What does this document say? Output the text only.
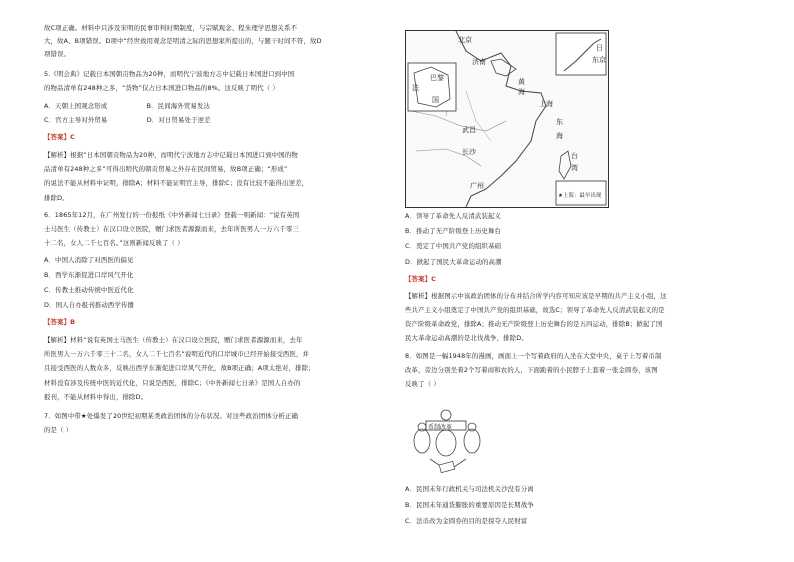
故C项正确。材料中只涉及宋明的民事审判时期制度，与宗赋观念、程朱理学思想关系不
大，故A、B项错误。D项中“经世致用观念是明清之际的思想家所提出的，与题干时间不符，故D
项错误。
5.《明会典》记载日本国朝贡物品为20种，而明代宁波地方志中记载日本国进口到中国
的物品清单有248种之多，“货物”仅占日本国进口物品的8%。这反映了明代（ ）
A．天朝上国观念形成　　　　　　B．民间海外贸易发达
C．官方主导对外贸易　　　　　　D．对日贸易处于逆差
【答案】C
【解析】根据“日本国朝贡物品为20种，而明代宁波地方志中记载日本国进口到中国的物
品清单有248种之多”可得出明代的朝贡贸易之外存在民间贸易，故B项正确；“形成”
的说法不能从材料中证明，排除A；材料不能证明官主导，排除C；没有比较不能得出逆差，
排除D。
6．1865年12月，在广州发行的一份报纸《中外新闻七日录》登载一则新闻：“说有英国
士马医生（传教士）在汉口设立医院，赠门求医者源源而来，去年所医男人一万六千零三
十二名，女人二千七百名。”这则新闻反映了（ ）
A．中国人消除了对西医的偏见
B．西学东渐促进口岸风气开化
C．传教士推动传统中医近代化
D．国人自办报刊推动西学传播
【答案】B
【解析】材料“说有英国士马医生（传教士）在汉口设立医院，赠门求医者源源而来，去年
所医男人一万六千零三十二名，女人二千七百名”说明近代的口岸城市已经开始接受西医，并
且接受西医的人数众多，反映出西学东渐促进口岸风气开化，故B项正确；A项太绝对，排除；
材料没有涉及传统中医的近代化，只说是西医，排除C；《中外新闻七日录》是国人自办的
报刊，不能从材料中得出，排除D。
7．如图中带★处爆发了20世纪初期某类政治团体的分布状况。对这些政治团体分析正确
的是（ ）
北京
济南
巴黎
法
国	上海
武昌
长沙
广州
日
东京
黄
海
东
海
台
湾
★上海：最早出现
A．领导了革命先人反清武装起义
B．推动了无产阶级登上历史舞台
C．奠定了中国共产党的组织基础
D．掀起了国民大革命运动的高潮
【答案】C
【解析】根据图示中该政治团体的分布并结合所学内容可知应该是早期的共产主义小组，这
些共产主义小组奠定了中国共产党的组织基础，故选C；领导了革命先人反清武装起义的是
资产阶级革命政党，排除A；推动无产阶级登上历史舞台的是五四运动，排除B；掀起了国
民大革命运动高潮的是北伐战争，排除D。
8．如图是一幅1948年的漫画，画面上一个写着政府的人坐在大堂中央，桌子上写着币制
改革，旁边分别坐着2个写着商和农的人，下面跪着的小民脖子上套着一张金圆券，该图
反映了（ ）
A．民国末年行政机关与司法机关沙没有分离
B．民国末年通货膨胀的重要原因是长期战争
C．法币改为金圆券的目的是掠夺人民财富
币制改革
